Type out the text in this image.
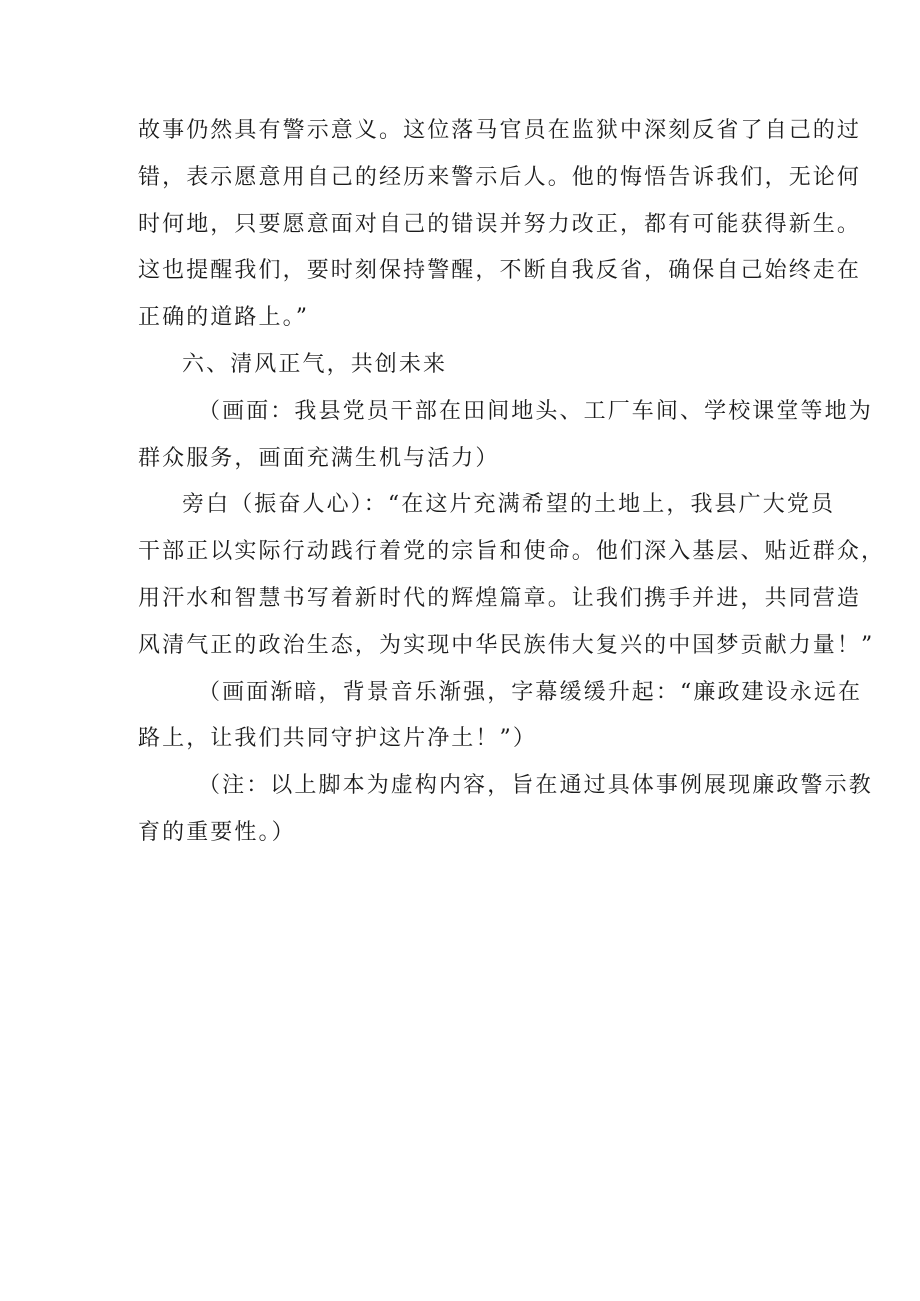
故事仍然具有警示意义。这位落马官员在监狱中深刻反省了自己的过
错，表示愿意用自己的经历来警示后人。他的悔悟告诉我们，无论何
时何地，只要愿意面对自己的错误并努力改正，都有可能获得新生。
这也提醒我们，要时刻保持警醒，不断自我反省，确保自己始终走在
正确的道路上。”
六、清风正气，共创未来
（画面：我县党员干部在田间地头、工厂车间、学校课堂等地为
群众服务，画面充满生机与活力）
旁白（振奋人心）：“在这片充满希望的土地上，我县广大党员
干部正以实际行动践行着党的宗旨和使命。他们深入基层、贴近群众，
用汗水和智慧书写着新时代的辉煌篇章。让我们携手并进，共同营造
风清气正的政治生态，为实现中华民族伟大复兴的中国梦贡献力量！”
（画面渐暗，背景音乐渐强，字幕缓缓升起：“廉政建设永远在
路上，让我们共同守护这片净土！”）
（注：以上脚本为虚构内容，旨在通过具体事例展现廉政警示教
育的重要性。）
